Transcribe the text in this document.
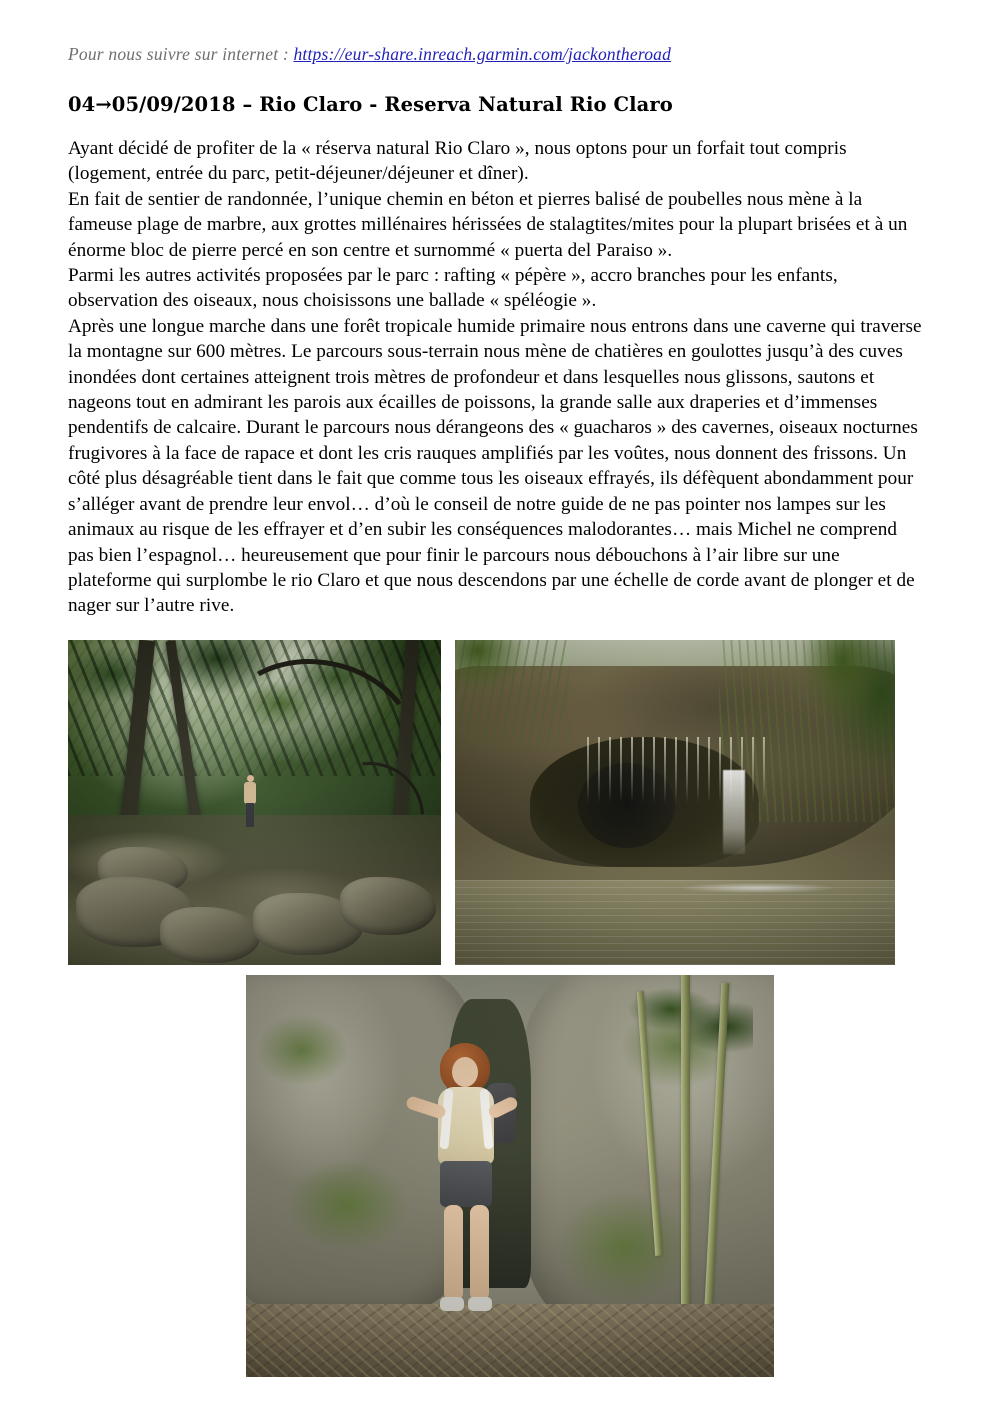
Pour nous suivre sur internet : https://eur-share.inreach.garmin.com/jackontheroad
04→05/09/2018 – Rio Claro - Reserva Natural Rio Claro

Ayant décidé de profiter de la « réserva natural Rio Claro », nous optons pour un forfait tout compris (logement, entrée du parc, petit-déjeuner/déjeuner et dîner).

En fait de sentier de randonnée, l’unique chemin en béton et pierres balisé de poubelles nous mène à la fameuse plage de marbre, aux grottes millénaires hérissées de stalagtites/mites pour la plupart brisées et à un énorme bloc de pierre percé en son centre et surnommé « puerta del Paraiso ».

Parmi les autres activités proposées par le parc : rafting « pépère », accro branches pour les enfants, observation des oiseaux, nous choisissons une ballade « spéléogie ».

Après une longue marche dans une forêt tropicale humide primaire nous entrons dans une caverne qui traverse la montagne sur 600 mètres. Le parcours sous-terrain nous mène de chatières en goulottes jusqu’à des cuves inondées dont certaines atteignent trois mètres de profondeur et dans lesquelles nous glissons, sautons et nageons tout en admirant les parois aux écailles de poissons, la grande salle aux draperies et d’immenses pendentifs de calcaire. Durant le parcours nous dérangeons des « guacharos » des cavernes, oiseaux nocturnes frugivores à la face de rapace et dont les cris rauques amplifiés par les voûtes, nous donnent des frissons. Un côté plus désagréable tient dans le fait que comme tous les oiseaux effrayés, ils défèquent abondamment pour s’alléger avant de prendre leur envol… d’où le conseil de notre guide de ne pas pointer nos lampes sur les animaux au risque de les effrayer et d’en subir les conséquences malodorantes… mais Michel ne comprend pas bien l’espagnol… heureusement que pour finir le parcours nous débouchons à l’air libre sur une plateforme qui surplombe le rio Claro et que nous descendons par une échelle de corde avant de plonger et de nager sur l’autre rive.
